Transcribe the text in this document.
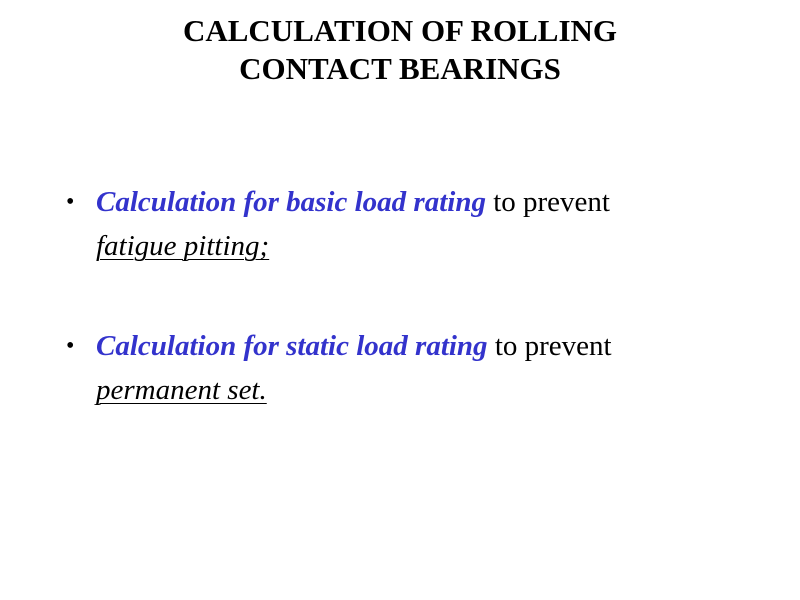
CALCULATION OF ROLLING
CONTACT BEARINGS
• Calculation for basic load rating to prevent
fatigue pitting;
• Calculation for static load rating to prevent
permanent set.
